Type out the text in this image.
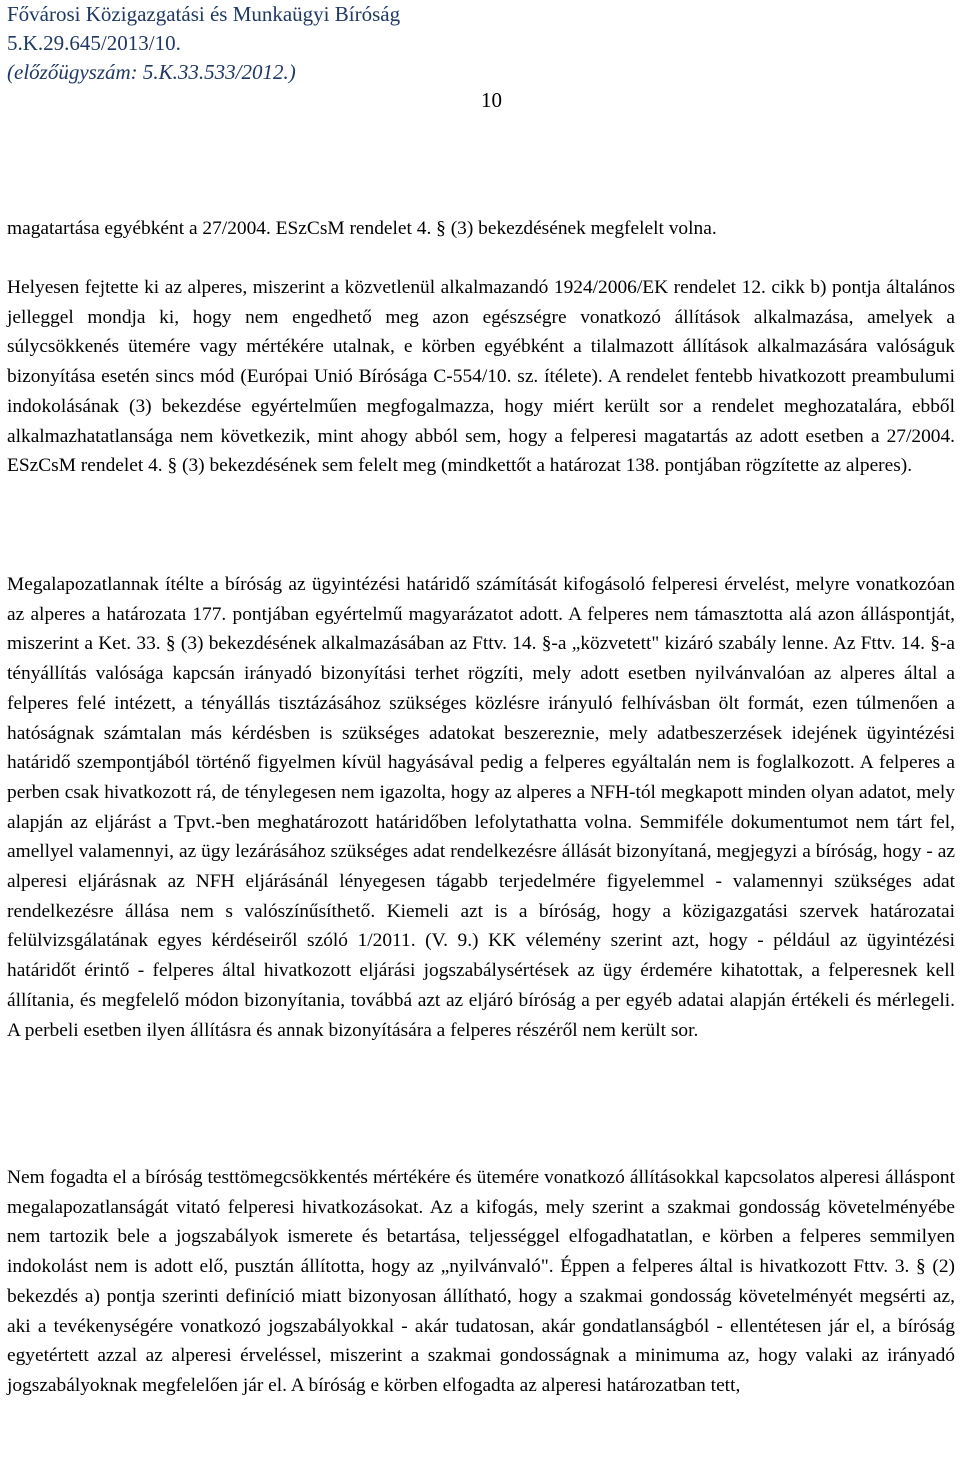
Fővárosi Közigazgatási és Munkaügyi Bíróság
5.K.29.645/2013/10.
(előzőügyszám: 5.K.33.533/2012.)
10
magatartása egyébként a 27/2004. ESzCsM rendelet 4. § (3) bekezdésének megfelelt volna.
Helyesen fejtette ki az alperes, miszerint a közvetlenül alkalmazandó 1924/2006/EK rendelet 12. cikk b) pontja általános jelleggel mondja ki, hogy nem engedhető meg azon egészségre vonatkozó állítások alkalmazása, amelyek a súlycsökkenés ütemére vagy mértékére utalnak, e körben egyébként a tilalmazott állítások alkalmazására valóságuk bizonyítása esetén sincs mód (Európai Unió Bírósága C-554/10. sz. ítélete). A rendelet fentebb hivatkozott preambulumi indokolásának (3) bekezdése egyértelműen megfogalmazza, hogy miért került sor a rendelet meghozatalára, ebből alkalmazhatatlansága nem következik, mint ahogy abból sem, hogy a felperesi magatartás az adott esetben a 27/2004. ESzCsM rendelet 4. § (3) bekezdésének sem felelt meg (mindkettőt a határozat 138. pontjában rögzítette az alperes).
Megalapozatlannak ítélte a bíróság az ügyintézési határidő számítását kifogásoló felperesi érvelést, melyre vonatkozóan az alperes a határozata 177. pontjában egyértelmű magyarázatot adott. A felperes nem támasztotta alá azon álláspontját, miszerint a Ket. 33. § (3) bekezdésének alkalmazásában az Fttv. 14. §-a „közvetett" kizáró szabály lenne. Az Fttv. 14. §-a tényállítás valósága kapcsán irányadó bizonyítási terhet rögzíti, mely adott esetben nyilvánvalóan az alperes által a felperes felé intézett, a tényállás tisztázásához szükséges közlésre irányuló felhívásban ölt formát, ezen túlmenően a hatóságnak számtalan más kérdésben is szükséges adatokat beszereznie, mely adatbeszerzések idejének ügyintézési határidő szempontjából történő figyelmen kívül hagyásával pedig a felperes egyáltalán nem is foglalkozott. A felperes a perben csak hivatkozott rá, de ténylegesen nem igazolta, hogy az alperes a NFH-tól megkapott minden olyan adatot, mely alapján az eljárást a Tpvt.-ben meghatározott határidőben lefolytathatta volna. Semmiféle dokumentumot nem tárt fel, amellyel valamennyi, az ügy lezárásához szükséges adat rendelkezésre állását bizonyítaná, megjegyzi a bíróság, hogy - az alperesi eljárásnak az NFH eljárásánál lényegesen tágabb terjedelmére figyelemmel - valamennyi szükséges adat rendelkezésre állása nem s valószínűsíthető. Kiemeli azt is a bíróság, hogy a közigazgatási szervek határozatai felülvizsgálatának egyes kérdéseiről szóló 1/2011. (V. 9.) KK vélemény szerint azt, hogy - például az ügyintézési határidőt érintő - felperes által hivatkozott eljárási jogszabálysértések az ügy érdemére kihatottak, a felperesnek kell állítania, és megfelelő módon bizonyítania, továbbá azt az eljáró bíróság a per egyéb adatai alapján értékeli és mérlegeli. A perbeli esetben ilyen állításra és annak bizonyítására a felperes részéről nem került sor.
Nem fogadta el a bíróság testtömegcsökkentés mértékére és ütemére vonatkozó állításokkal kapcsolatos alperesi álláspont megalapozatlanságát vitató felperesi hivatkozásokat. Az a kifogás, mely szerint a szakmai gondosság követelményébe nem tartozik bele a jogszabályok ismerete és betartása, teljességgel elfogadhatatlan, e körben a felperes semmilyen indokolást nem is adott elő, pusztán állította, hogy az „nyilvánvaló". Éppen a felperes által is hivatkozott Fttv. 3. § (2) bekezdés a) pontja szerinti definíció miatt bizonyosan állítható, hogy a szakmai gondosság követelményét megsérti az, aki a tevékenységére vonatkozó jogszabályokkal - akár tudatosan, akár gondatlanságból - ellentétesen jár el, a bíróság egyetértett azzal az alperesi érveléssel, miszerint a szakmai gondosságnak a minimuma az, hogy valaki az irányadó jogszabályoknak megfelelően jár el. A bíróság e körben elfogadta az alperesi határozatban tett,
